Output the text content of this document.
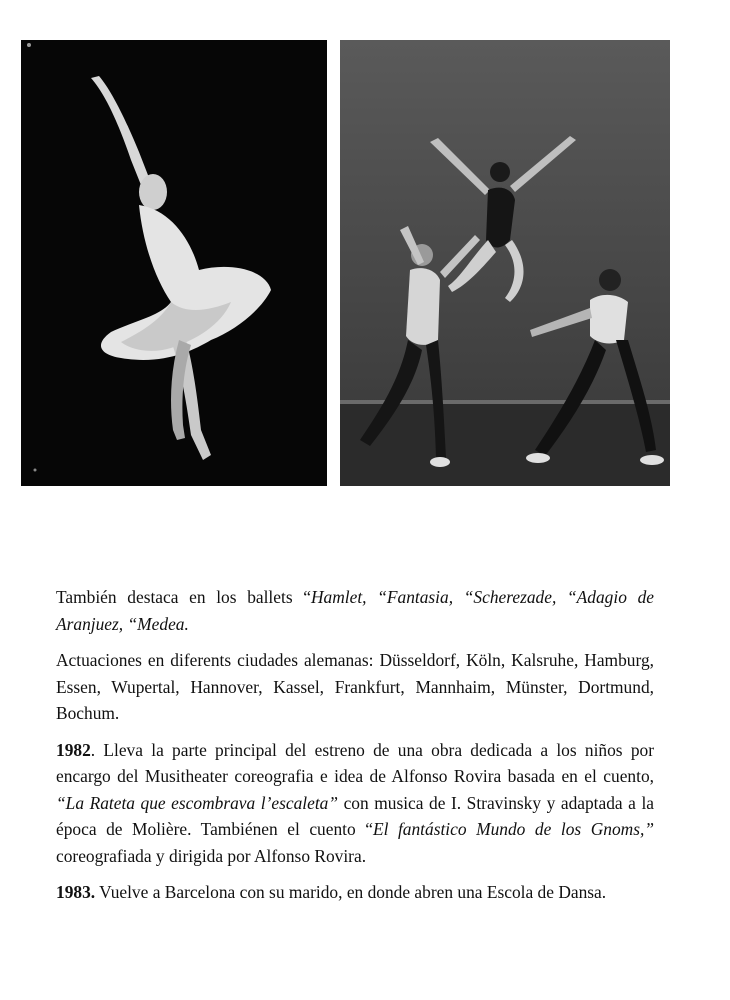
También destaca en los ballets “Hamlet, “Fantasia, “Scherezade, “Adagio de Aranjuez, “Medea.

Actuaciones en diferents ciudades alemanas: Düsseldorf, Köln, Kalsruhe, Hamburg, Essen, Wupertal, Hannover, Kassel, Frankfurt, Mannhaim, Münster, Dortmund, Bochum.

1982. Lleva la parte principal del estreno de una obra dedicada a los niños por encargo del Musitheater coreografia e idea de Alfonso Rovira basada en el cuento, “La Rateta que escombrava l’escaleta” con musica de I. Stravinsky y adaptada a la época de Molière. Tambiénen el cuento “El fantástico Mundo de los Gnoms,” coreografiada y dirigida por Alfonso Rovira.

1983. Vuelve a Barcelona con su marido, en donde abren una Escola de Dansa.
